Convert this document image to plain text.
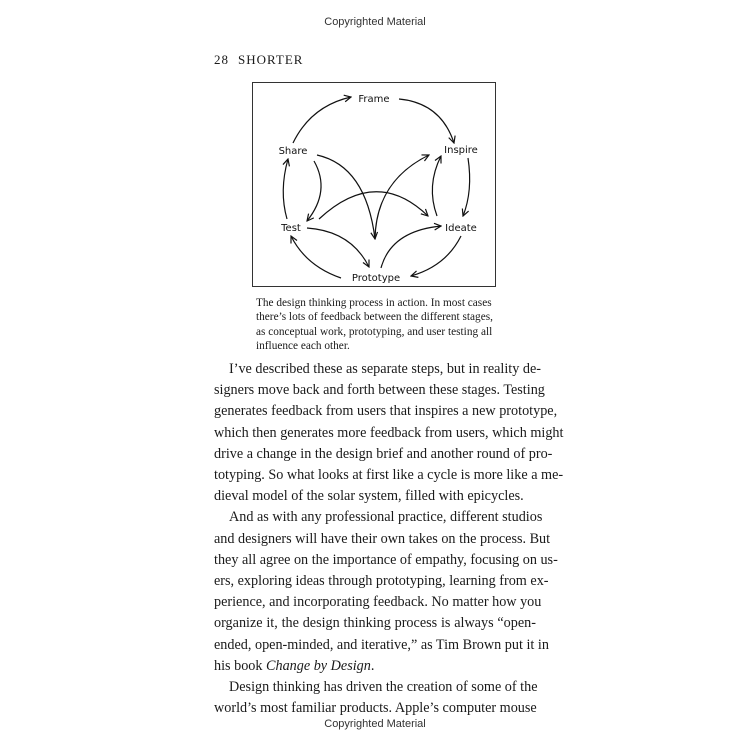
Copyrighted Material
28 SHORTER
Frame
Inspire
Share
Test	Ideate
Prototype
The design thinking process in action. In most cases
there’s lots of feedback between the different stages,
as conceptual work, prototyping, and user testing all
influence each other.
I’ve described these as separate steps, but in reality de-
signers move back and forth between these stages. Testing
generates feedback from users that inspires a new prototype,
which then generates more feedback from users, which might
drive a change in the design brief and another round of pro-
totyping. So what looks at first like a cycle is more like a me-
dieval model of the solar system, filled with epicycles.
And as with any professional practice, different studios
and designers will have their own takes on the process. But
they all agree on the importance of empathy, focusing on us-
ers, exploring ideas through prototyping, learning from ex-
perience, and incorporating feedback. No matter how you
organize it, the design thinking process is always “open-
ended, open-minded, and iterative,” as Tim Brown put it in
his book Change by Design.
Design thinking has driven the creation of some of the
world’s most familiar products. Apple’s computer mouse
Copyrighted Material
